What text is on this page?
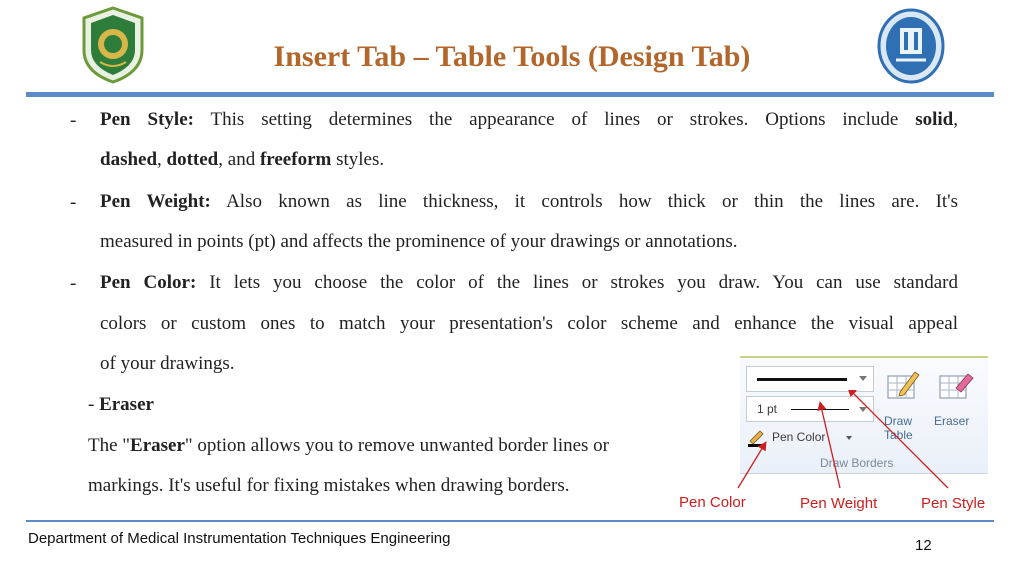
Insert Tab – Table Tools (Design Tab)
- Pen Style: This setting determines the appearance of lines or strokes. Options include solid,
dashed, dotted, and freeform styles.
- Pen Weight: Also known as line thickness, it controls how thick or thin the lines are. It's
measured in points (pt) and affects the prominence of your drawings or annotations.
- Pen Color: It lets you choose the color of the lines or strokes you draw. You can use standard
colors or custom ones to match your presentation's color scheme and enhance the visual appeal
of your drawings.
- Eraser
The "Eraser" option allows you to remove unwanted border lines or
markings. It's useful for fixing mistakes when drawing borders.
1 pt
Pen Color
Draw
Table
Eraser
Draw Borders
Pen Color	Pen Weight	Pen Style
Department of Medical Instrumentation Techniques Engineering	12
